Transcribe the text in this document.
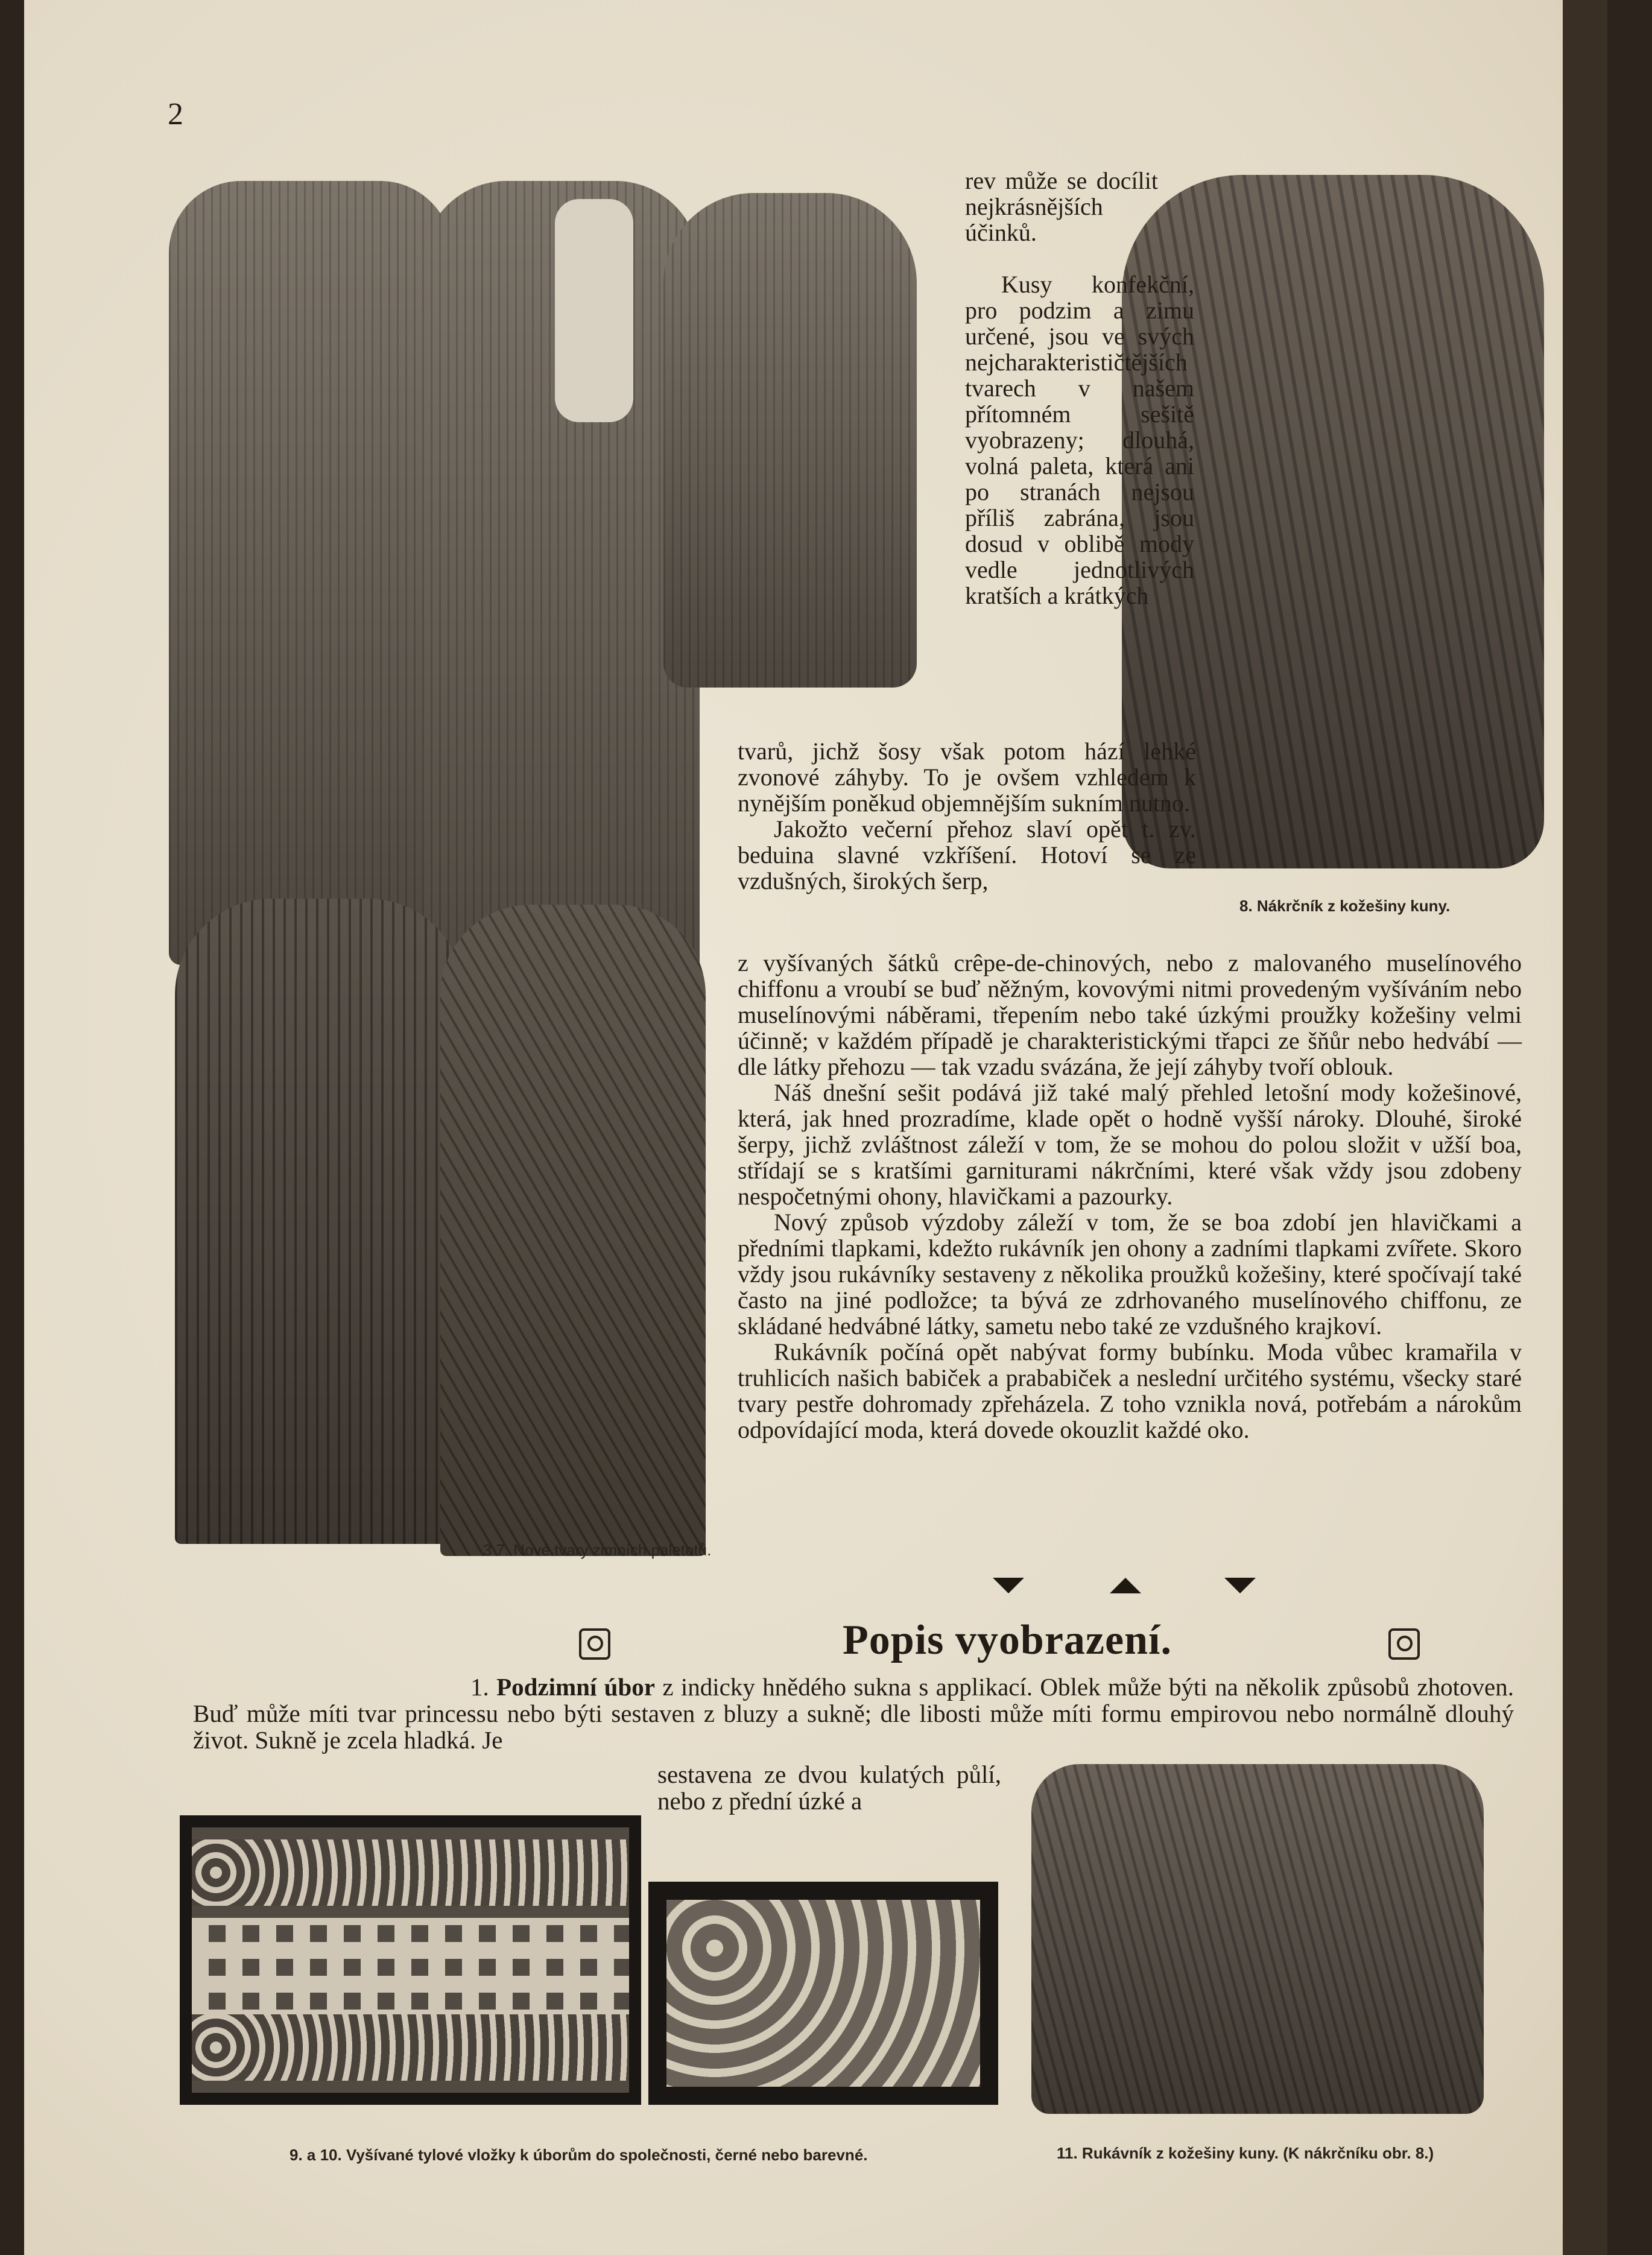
2
3 7. Nové tvary zimních paletotů.
8. Nákrčník z kožešiny kuny.

rev může se docílit nejkrásnějších účinků.

Kusy konfekční, pro podzim a zimu určené, jsou ve svých nejcharakterističtějších tvarech v našem přítomném sešitě vyobrazeny; dlouhá, volná paleta, která ani po stranách nejsou příliš zabrána, jsou dosud v oblibě mody vedle jednotlivých kratších a krátkých

tvarů, jichž šosy však potom hází lehké zvonové záhyby. To je ovšem vzhledem k nynějším poněkud objemnějším sukním nutno.

Jakožto večerní přehoz slaví opět t. zv. beduina slavné vzkříšení. Hotoví se ze vzdušných, širokých šerp,

z vyšívaných šátků crêpe-de-chinových, nebo z malovaného muselínového chiffonu a vroubí se buď něžným, kovovými nitmi provedeným vyšíváním nebo muselínovými náběrami, třepením nebo také úzkými proužky kožešiny velmi účinně; v každém případě je charakteristickými třapci ze šňůr nebo hedvábí — dle látky přehozu — tak vzadu svázána, že její záhyby tvoří oblouk.

Náš dnešní sešit podává již také malý přehled letošní mody kožešinové, která, jak hned prozradíme, klade opět o hodně vyšší nároky. Dlouhé, široké šerpy, jichž zvláštnost záleží v tom, že se mohou do polou složit v užší boa, střídají se s kratšími garniturami nákrčními, které však vždy jsou zdobeny nespočetnými ohony, hlavičkami a pazourky.

Nový způsob výzdoby záleží v tom, že se boa zdobí jen hlavičkami a předními tlapkami, kdežto rukávník jen ohony a zadními tlapkami zvířete. Skoro vždy jsou rukávníky sestaveny z několika proužků kožešiny, které spočívají také často na jiné podložce; ta bývá ze zdrhovaného muselínového chiffonu, ze skládané hedvábné látky, sametu nebo také ze vzdušného krajkoví.

Rukávník počíná opět nabývat formy bubínku. Moda vůbec kramařila v truhlicích našich babiček a prababiček a neslední určitého systému, všecky staré tvary pestře dohromady zpřeházela. Z toho vznikla nová, potřebám a nárokům odpovídající moda, která dovede okouzlit každé oko.

Popis vyobrazení.
1. Podzimní úbor z indicky hnědého sukna s applikací. Oblek může býti na několik způsobů zhotoven. Buď může míti tvar princessu nebo býti sestaven z bluzy a sukně; dle libosti může míti formu empirovou nebo normálně dlouhý život. Sukně je zcela hladká. Je
sestavena ze dvou kulatých půlí, nebo z přední úzké a
9. a 10. Vyšívané tylové vložky k úborům do společnosti, černé nebo barevné.	11. Rukávník z kožešiny kuny. (K nákrčníku obr. 8.)
